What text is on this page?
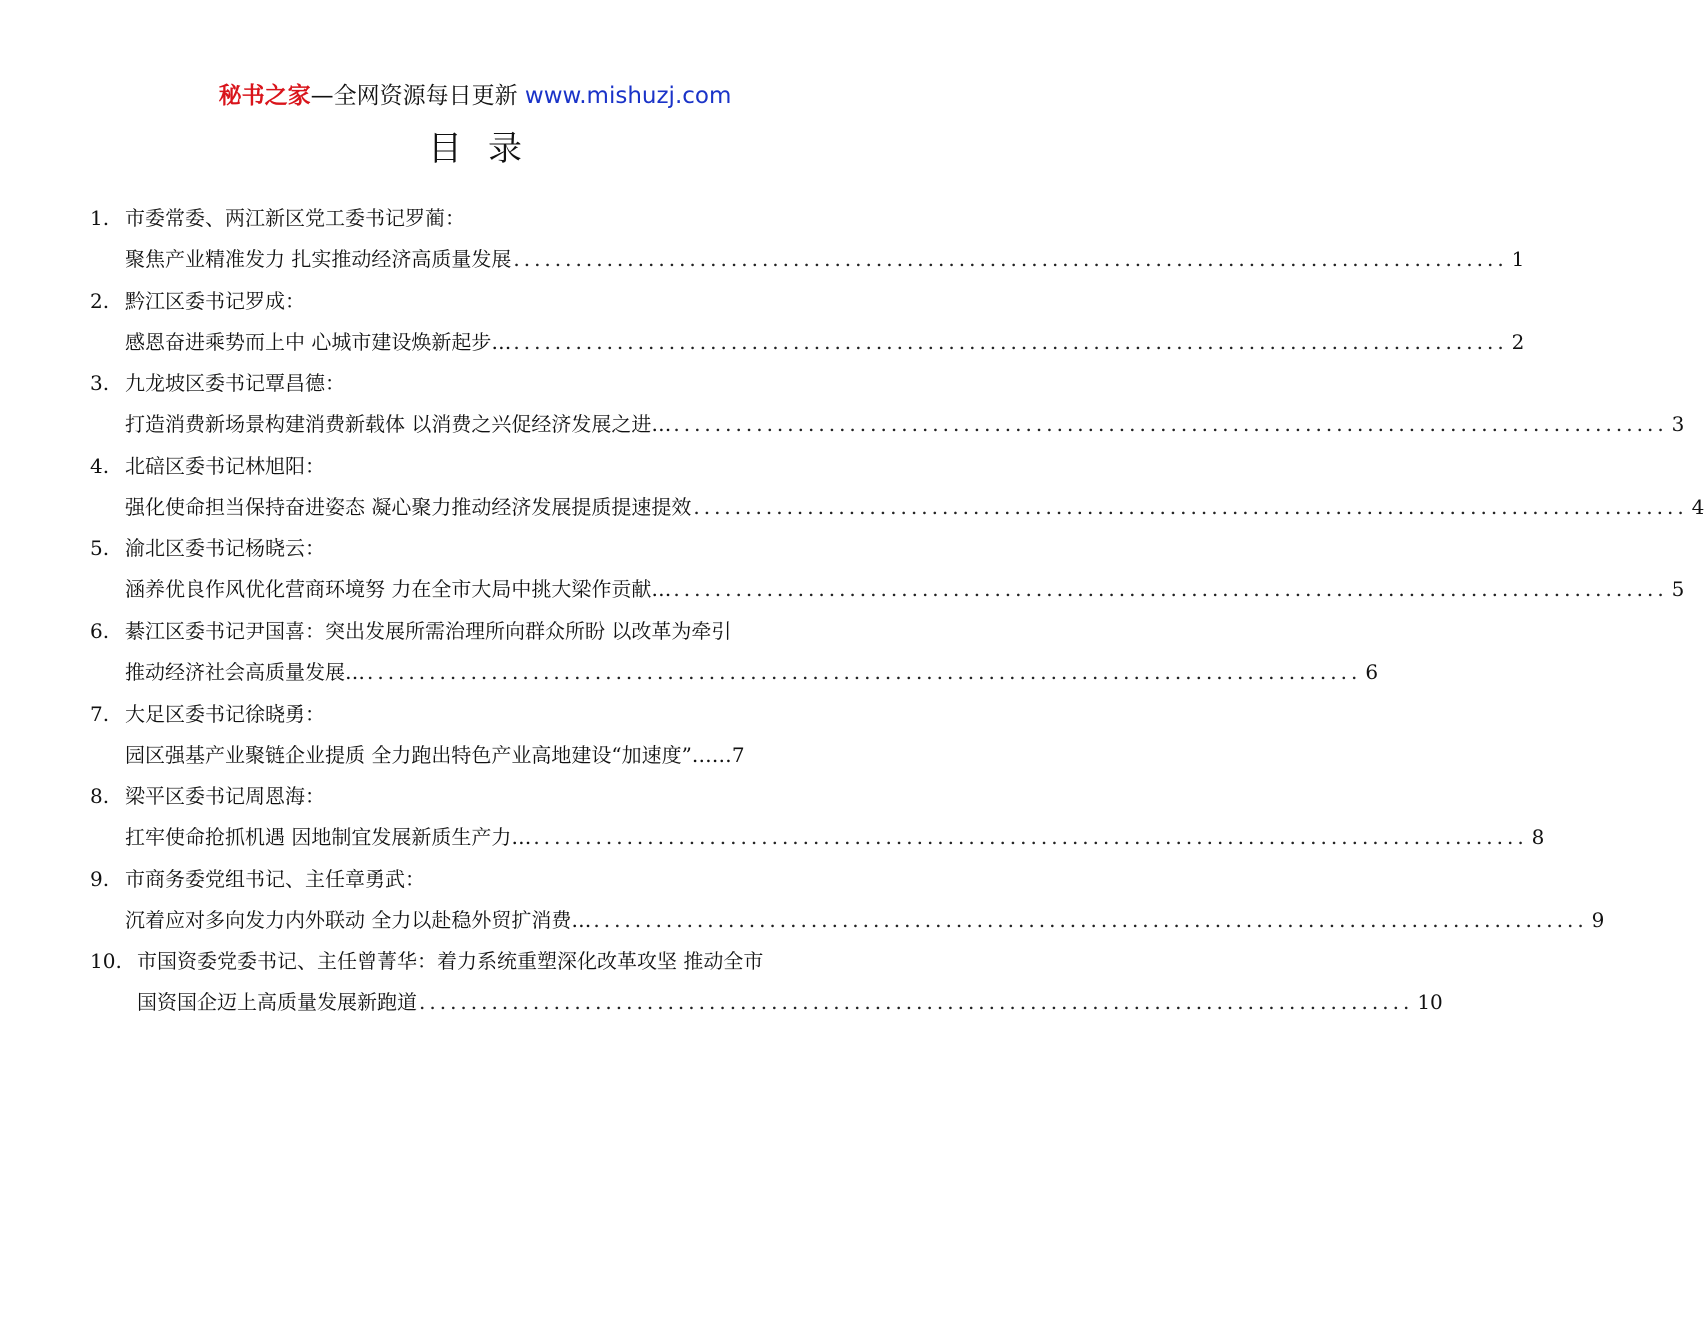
秘书之家—全网资源每日更新 www.mishuzj.com
目录
1. 市委常委、两江新区党工委书记罗蔺：
聚焦产业精准发力 扎实推动经济高质量发展 ................................................................................................ 1
2. 黔江区委书记罗成：
感恩奋进乘势而上中 心城市建设焕新起步… ................................................................................................ 2
3. 九龙坡区委书记覃昌德：
打造消费新场景构建消费新载体 以消费之兴促经济发展之进… ................................................................................................ 3
4. 北碚区委书记林旭阳：
强化使命担当保持奋进姿态 凝心聚力推动经济发展提质提速提效 ................................................................................................ 4
5. 渝北区委书记杨晓云：
涵养优良作风优化营商环境努 力在全市大局中挑大梁作贡献… ................................................................................................ 5
6. 綦江区委书记尹国喜：突出发展所需治理所向群众所盼 以改革为牵引
推动经济社会高质量发展… ................................................................................................ 6
7. 大足区委书记徐晓勇：
园区强基产业聚链企业提质 全力跑出特色产业高地建设“加速度”…… 7
8. 梁平区委书记周恩海：
扛牢使命抢抓机遇 因地制宜发展新质生产力… ................................................................................................ 8
9. 市商务委党组书记、主任章勇武：
沉着应对多向发力内外联动 全力以赴稳外贸扩消费… ................................................................................................ 9
10. 市国资委党委书记、主任曾菁华：着力系统重塑深化改革攻坚 推动全市
国资国企迈上高质量发展新跑道 ................................................................................................ 10
